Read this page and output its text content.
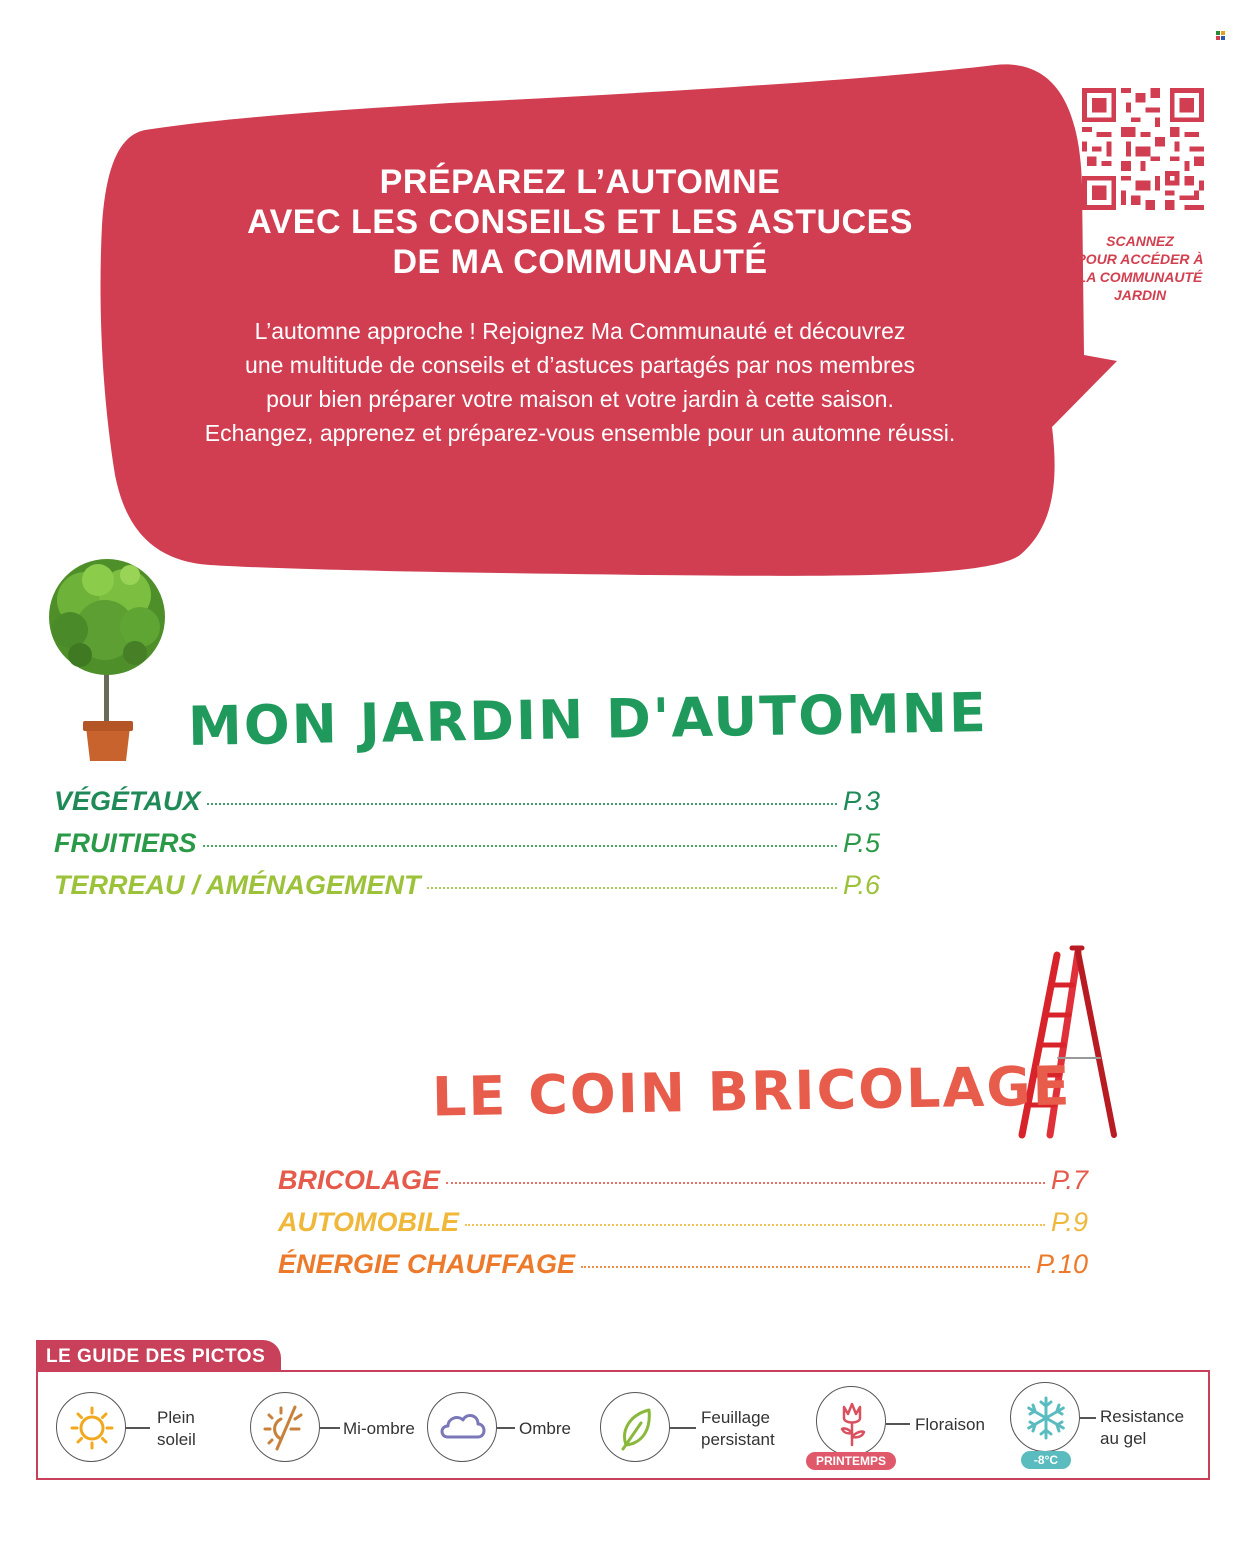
PRÉPAREZ L’AUTOMNE
AVEC LES CONSEILS ET LES ASTUCES
DE MA COMMUNAUTÉ
L’automne approche ! Rejoignez Ma Communauté et découvrez
une multitude de conseils et d’astuces partagés par nos membres
pour bien préparer votre maison et votre jardin à cette saison.
Echangez, apprenez et préparez-vous ensemble pour un automne réussi.
SCANNEZ
POUR ACCÉDER À
LA COMMUNAUTÉ
JARDIN
MON JARDIN D'AUTOMNE
VÉGÉTAUX	P.3
FRUITIERS	P.5
TERREAU / AMÉNAGEMENT	P.6
LE COIN BRICOLAGE
BRICOLAGE	P.7
AUTOMOBILE	P.9
ÉNERGIE CHAUFFAGE	P.10
LE GUIDE DES PICTOS
Plein
soleil
Mi-ombre	Ombre
Feuillage
persistant
PRINTEMPS
Floraison
-8°C
Resistance
au gel
